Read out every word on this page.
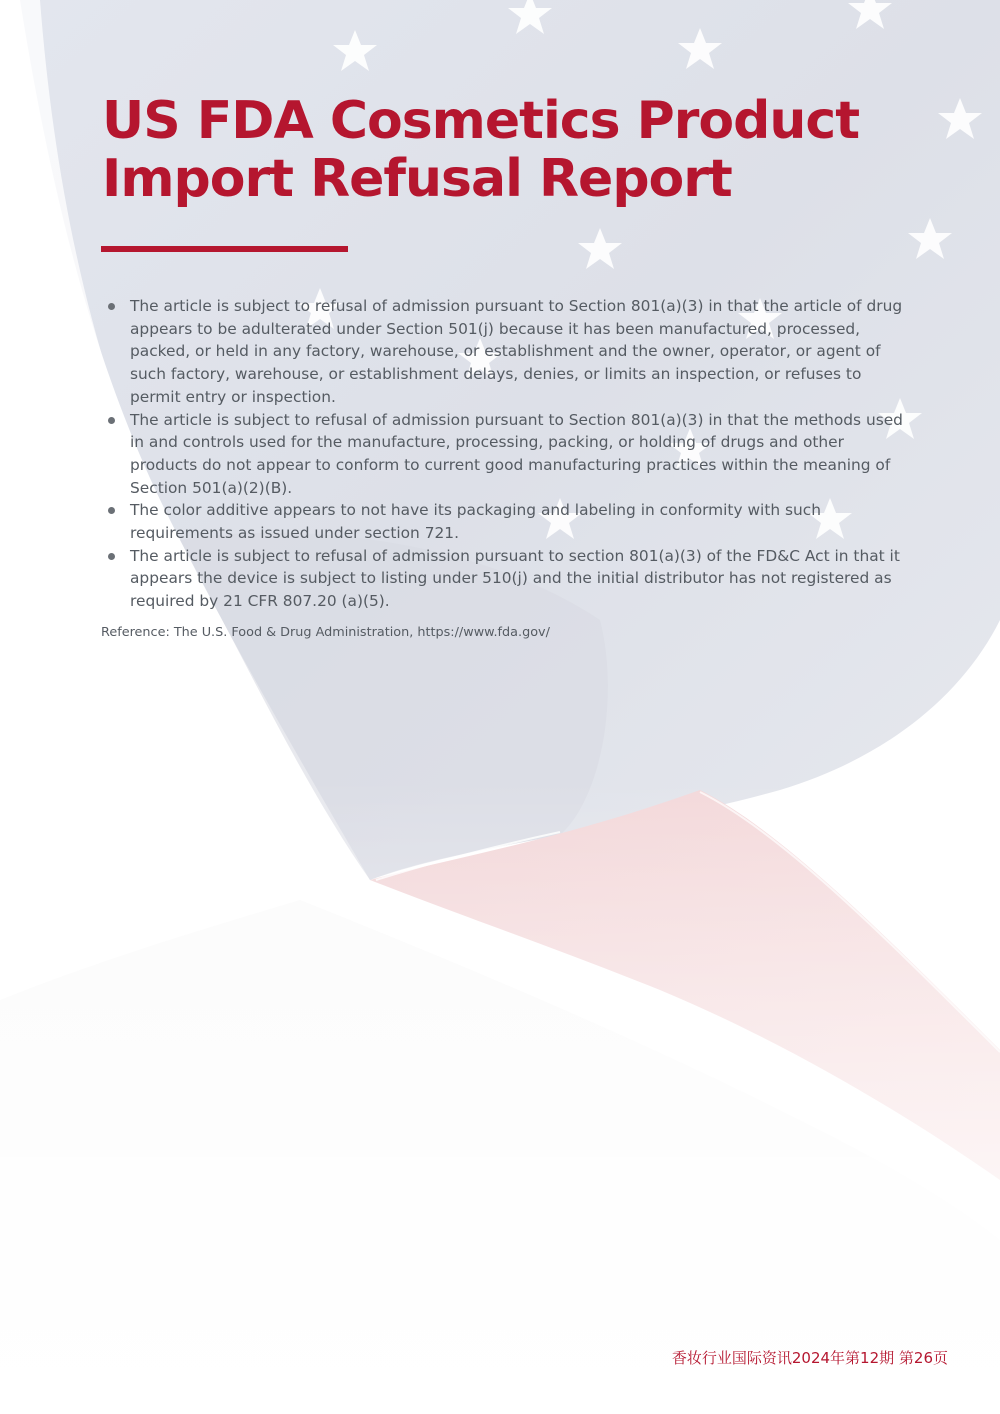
US FDA Cosmetics Product
Import Refusal Report
The article is subject to refusal of admission pursuant to Section 801(a)(3) in that the article of drug appears to be adulterated under Section 501(j) because it has been manufactured, processed, packed, or held in any factory, warehouse, or establishment and the owner, operator, or agent of such factory, warehouse, or establishment delays, denies, or limits an inspection, or refuses to permit entry or inspection.
The article is subject to refusal of admission pursuant to Section 801(a)(3) in that the methods used in and controls used for the manufacture, processing, packing, or holding of drugs and other products do not appear to conform to current good manufacturing practices within the meaning of Section 501(a)(2)(B).
The color additive appears to not have its packaging and labeling in conformity with such requirements as issued under section 721.
The article is subject to refusal of admission pursuant to section 801(a)(3) of the FD&C Act in that it appears the device is subject to listing under 510(j) and the initial distributor has not registered as required by 21 CFR 807.20 (a)(5).

Reference: The U.S. Food & Drug Administration, https://www.fda.gov/

香妆行业国际资讯2024年第12期 第26页
